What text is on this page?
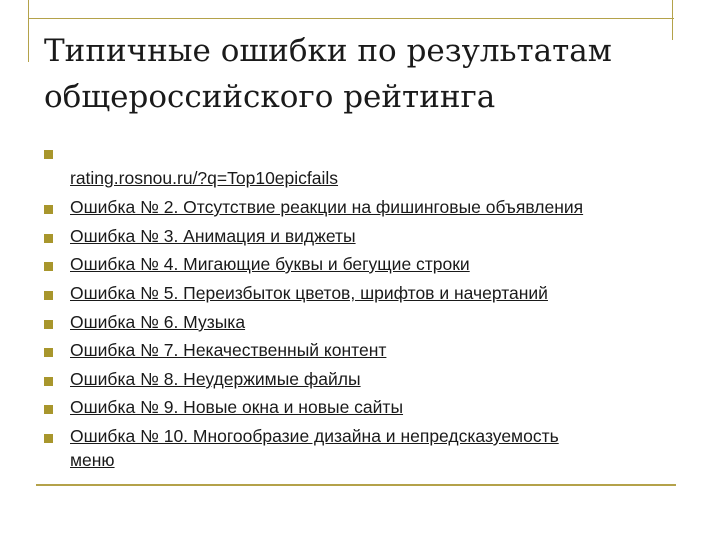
Типичные ошибки по результатам общероссийского рейтинга

rating.rosnou.ru/?q=Top10epicfails

Ошибка № 2. Отсутствие реакции на фишинговые объявления

Ошибка № 3. Анимация и виджеты

Ошибка № 4. Мигающие буквы и бегущие строки

Ошибка № 5. Переизбыток цветов, шрифтов и начертаний

Ошибка № 6. Музыка

Ошибка № 7. Некачественный контент

Ошибка № 8. Неудержимые файлы

Ошибка № 9. Новые окна и новые сайты

Ошибка № 10. Многообразие дизайна и непредсказуемость

меню
